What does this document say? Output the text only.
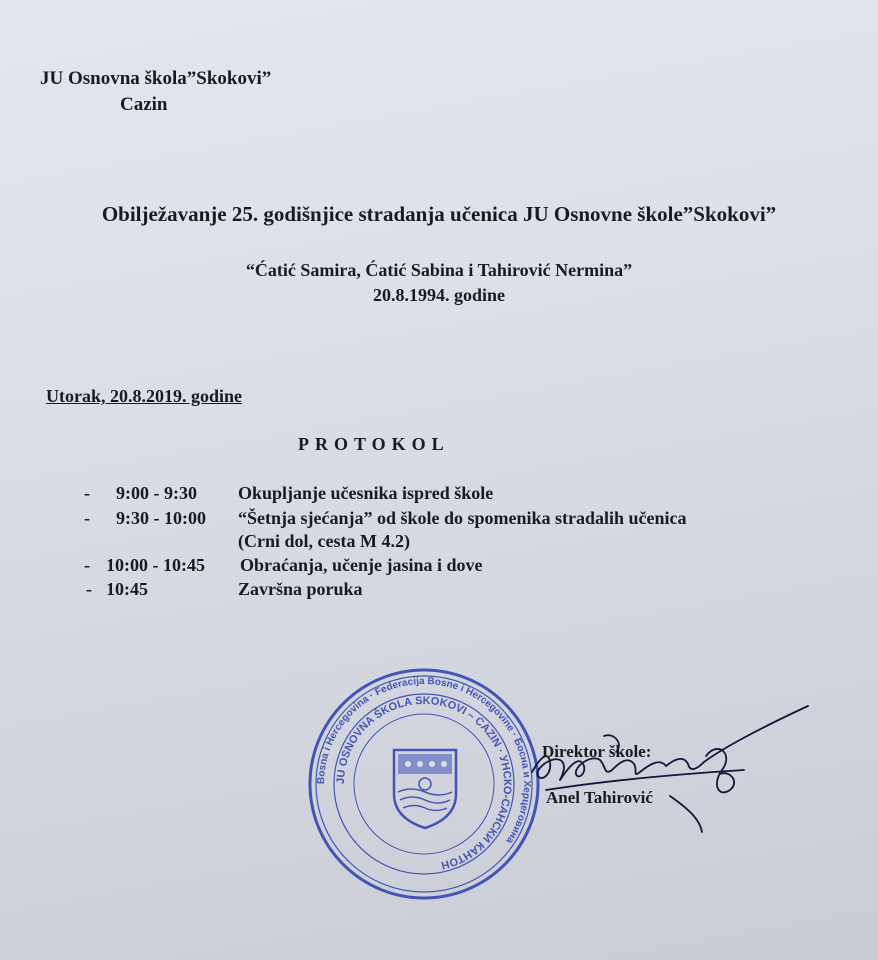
JU Osnovna škola”Skokovi”
Cazin
Obilježavanje 25. godišnjice stradanja učenica JU Osnovne škole”Skokovi”
“Ćatić Samira, Ćatić Sabina i Tahirović Nermina”
20.8.1994. godine
Utorak, 20.8.2019. godine
PROTOKOL
- 9:00 - 9:30 Okupljanje učesnika ispred škole
- 9:30 - 10:00 “Šetnja sjećanja” od škole do spomenika stradalih učenica
(Crni dol, cesta M 4.2)
- 10:00 - 10:45 Obraćanja, učenje jasina i dove
- 10:45	Završna poruka
Bosna i Hercegovina · Federacija Bosne i Hercegovine · Босна и Херцеговина
JU OSNOVNA ŠKOLA SKOKOVI – CAZIN · УНСКО-САНСКИ КАНТОН
Direktor škole:
Anel Tahirović
